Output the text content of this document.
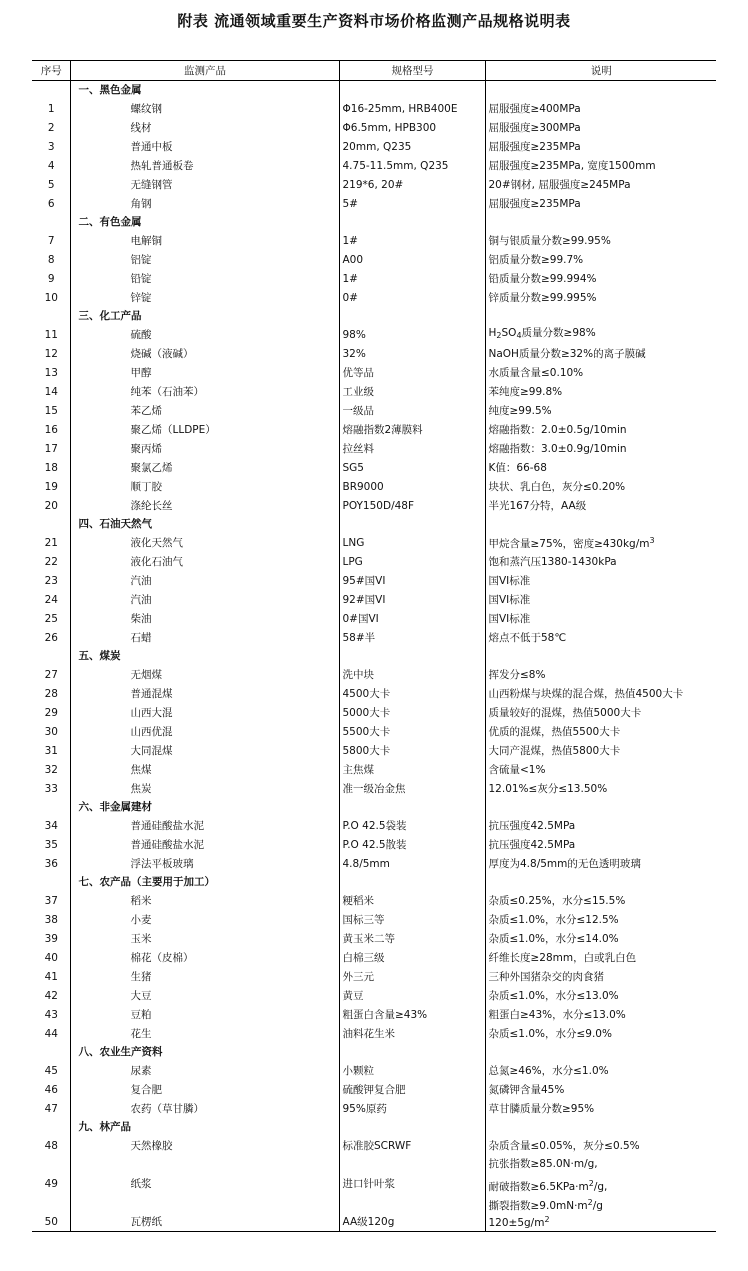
附表 流通领域重要生产资料市场价格监测产品规格说明表
序号	监测产品	规格型号	说明
	一、黑色金属		
1	螺纹钢	Φ16-25mm, HRB400E	屈服强度≥400MPa
2	线材	Φ6.5mm, HPB300	屈服强度≥300MPa
3	普通中板	20mm, Q235	屈服强度≥235MPa
4	热轧普通板卷	4.75-11.5mm, Q235	屈服强度≥235MPa, 宽度1500mm
5	无缝钢管	219*6, 20#	20#钢材, 屈服强度≥245MPa
6	角钢	5#	屈服强度≥235MPa
	二、有色金属		
7	电解铜	1#	铜与银质量分数≥99.95%
8	铝锭	A00	铝质量分数≥99.7%
9	铅锭	1#	铅质量分数≥99.994%
10	锌锭	0#	锌质量分数≥99.995%
	三、化工产品		
11	硫酸	98%	$H_2SO_4$质量分数≥98%
12	烧碱（液碱）	32%	NaOH质量分数≥32%的离子膜碱
13	甲醇	优等品	水质量含量≤0.10%
14	纯苯（石油苯）	工业级	苯纯度≥99.8%
15	苯乙烯	一级品	纯度≥99.5%
16	聚乙烯（LLDPE）	熔融指数2薄膜料	熔融指数：2.0±0.5g/10min
17	聚丙烯	拉丝料	熔融指数：3.0±0.9g/10min
18	聚氯乙烯	SG5	K值：66-68
19	顺丁胶	BR9000	块状、乳白色，灰分≤0.20%
20	涤纶长丝	POY150D/48F	半光167分特，AA级
	四、石油天然气		
21	液化天然气	LNG	甲烷含量≥75%，密度$\ge 430kg/m^3$
22	液化石油气	LPG	饱和蒸汽压1380-1430kPa
23	汽油	95#国VI	国VI标准
24	汽油	92#国VI	国VI标准
25	柴油	0#国VI	国VI标准
26	石蜡	58#半	熔点不低于58℃
	五、煤炭		
27	无烟煤	洗中块	挥发分≤8%
28	普通混煤	4500大卡	山西粉煤与块煤的混合煤，热值4500大卡
29	山西大混	5000大卡	质量较好的混煤，热值5000大卡
30	山西优混	5500大卡	优质的混煤，热值5500大卡
31	大同混煤	5800大卡	大同产混煤，热值5800大卡
32	焦煤	主焦煤	含硫量<1%
33	焦炭	准一级冶金焦	12.01%≤灰分≤13.50%
	六、非金属建材		
34	普通硅酸盐水泥	P.O 42.5袋装	抗压强度42.5MPa
35	普通硅酸盐水泥	P.O 42.5散装	抗压强度42.5MPa
36	浮法平板玻璃	4.8/5mm	厚度为4.8/5mm的无色透明玻璃
	七、农产品（主要用于加工）		
37	稻米	粳稻米	杂质≤0.25%，水分≤15.5%
38	小麦	国标三等	杂质≤1.0%，水分≤12.5%
39	玉米	黄玉米二等	杂质≤1.0%，水分≤14.0%
40	棉花（皮棉）	白棉三级	纤维长度≥28mm，白或乳白色
41	生猪	外三元	三种外国猪杂交的肉食猪
42	大豆	黄豆	杂质≤1.0%，水分≤13.0%
43	豆粕	粗蛋白含量≥43%	粗蛋白≥43%，水分≤13.0%
44	花生	油料花生米	杂质≤1.0%，水分≤9.0%
	八、农业生产资料		
45	尿素	小颗粒	总氮≥46%，水分≤1.0%
46	复合肥	硫酸钾复合肥	氮磷钾含量45%
47	农药（草甘膦）	95%原药	草甘膦质量分数≥95%
	九、林产品		
48	天然橡胶	标准胶SCRWF	杂质含量≤0.05%，灰分≤0.5%
49	纸浆	进口针叶浆	抗张指数≥85.0N·m/g,
耐破指数$\ge 6.5KPa\cdot m^2/g$,
撕裂指数$\ge 9.0mN\cdot m^2/g$

50	瓦楞纸	AA级120g	$120\pm 5g/m^2$
